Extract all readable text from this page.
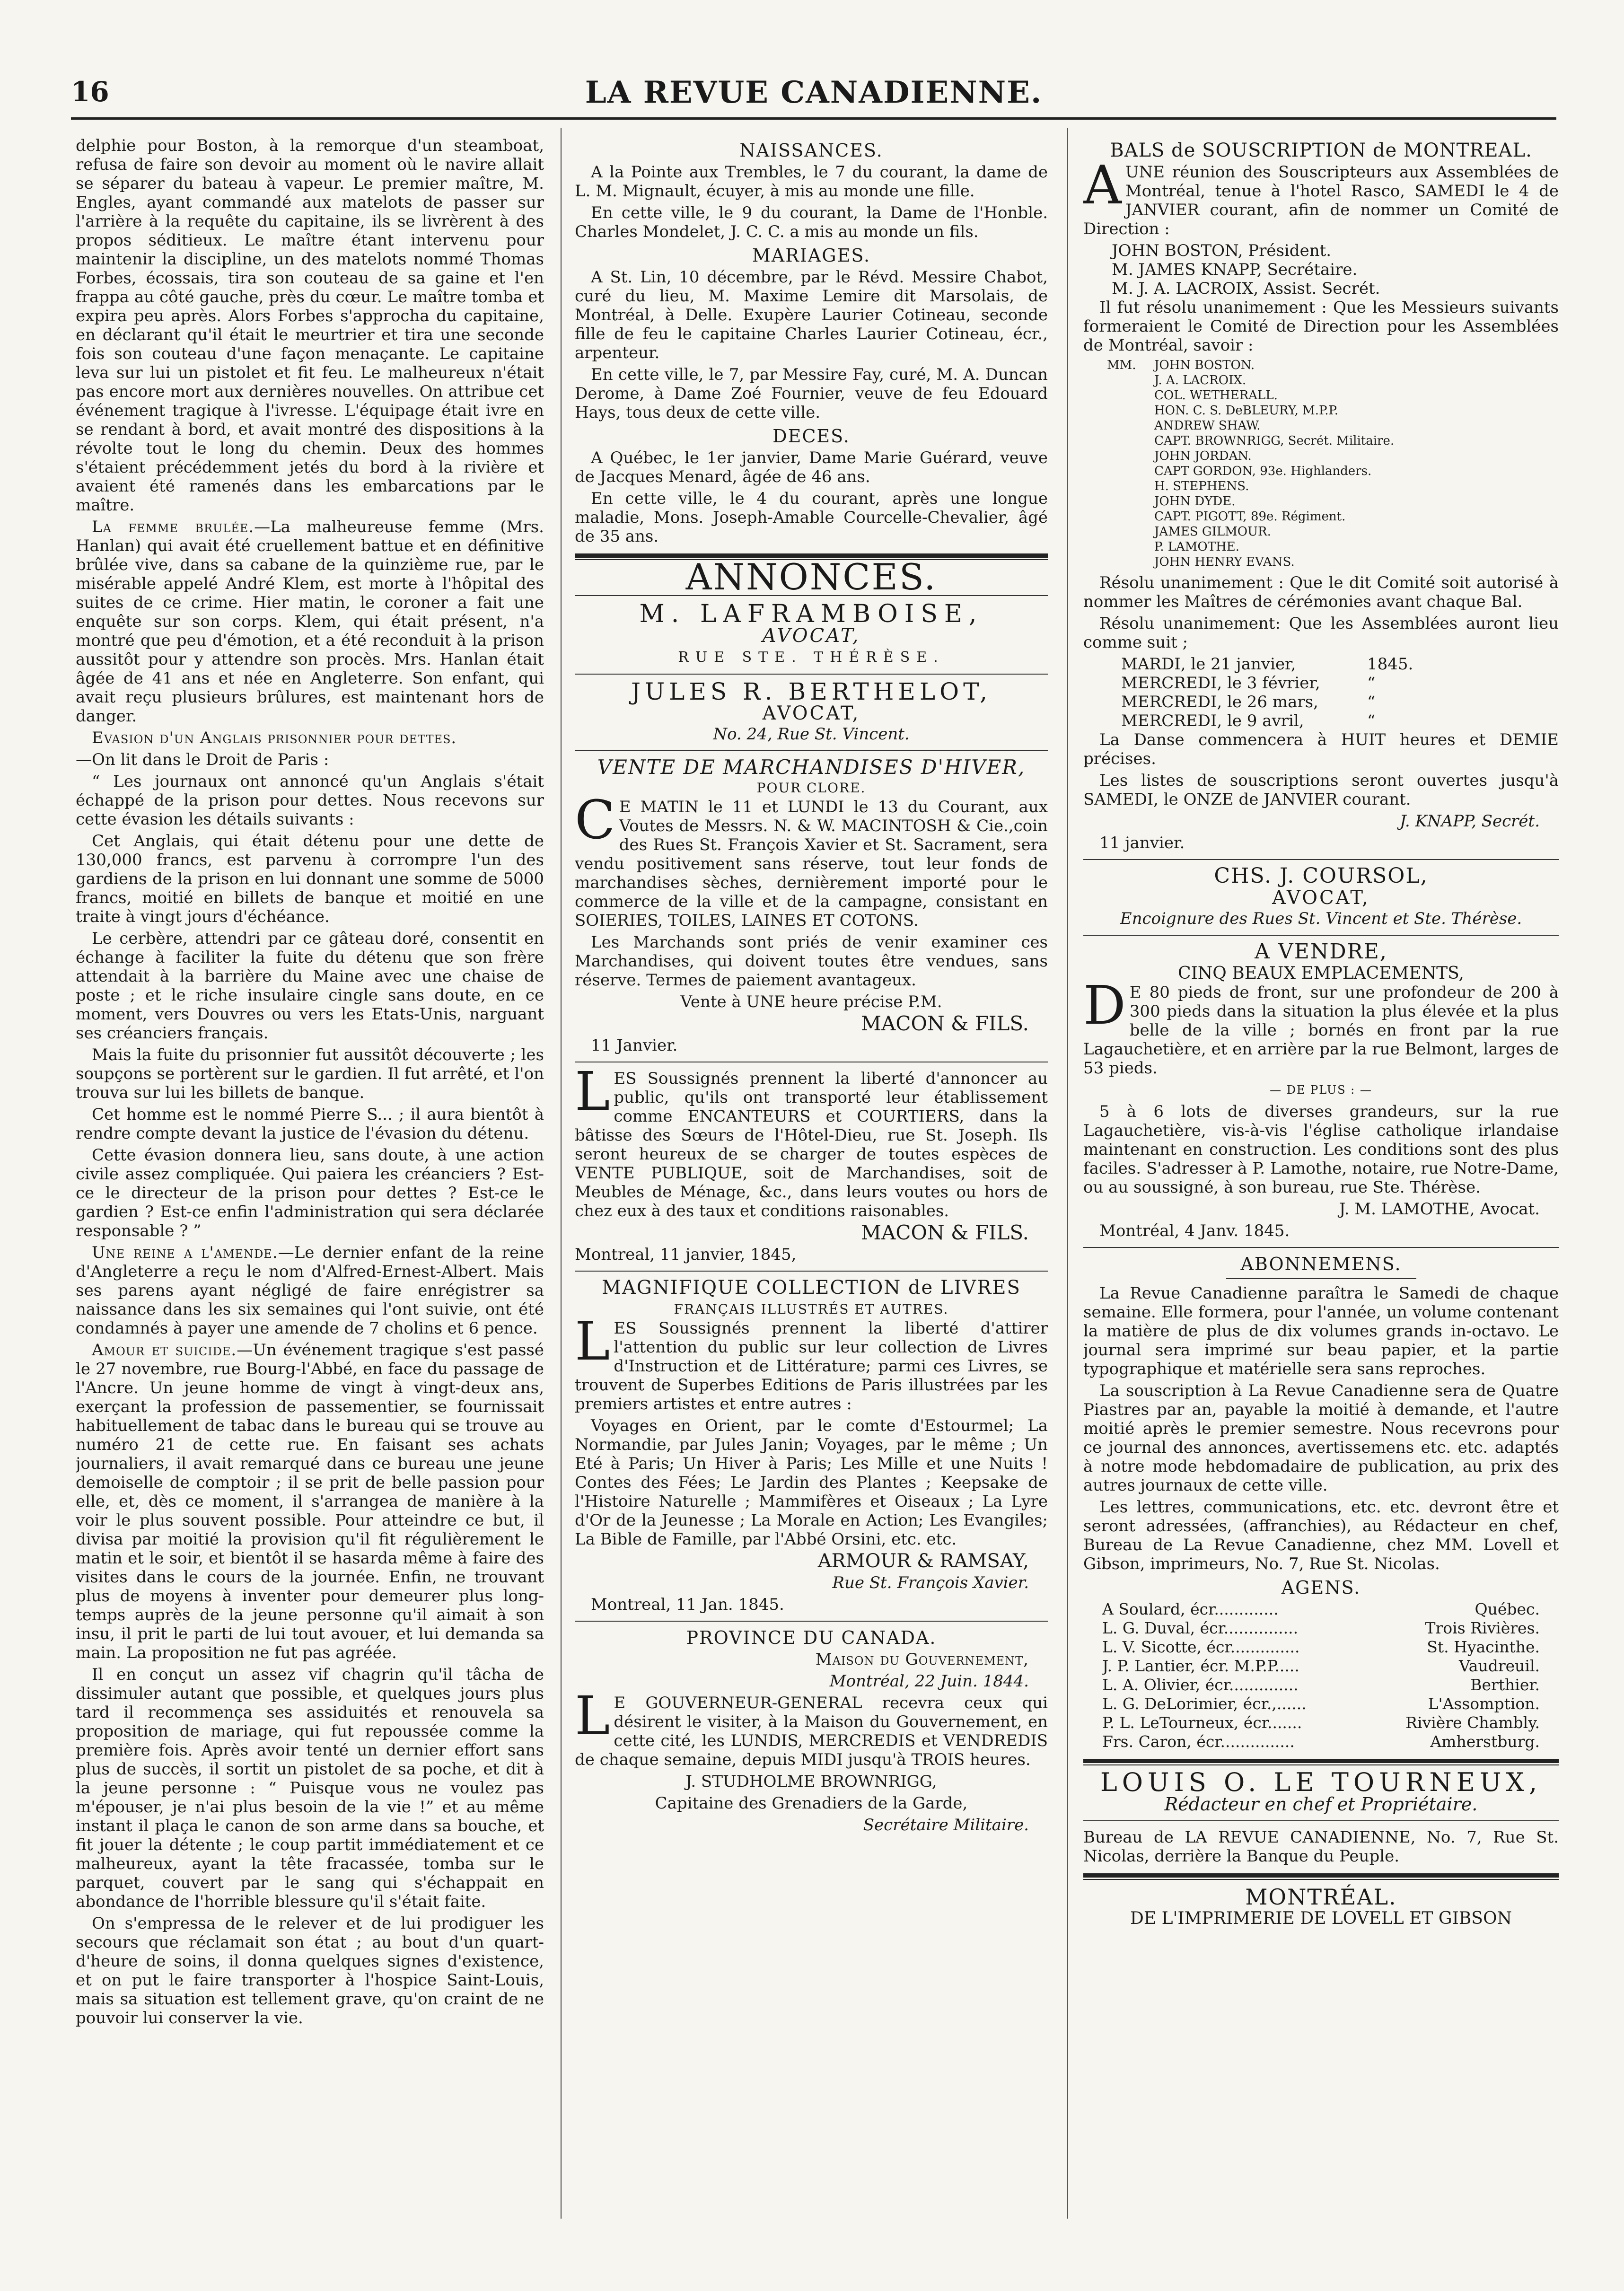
16	LA REVUE CANADIENNE.

delphie pour Boston, à la remorque d'un steamboat, refusa de faire son devoir au moment où le navire allait se séparer du bateau à vapeur. Le premier maître, M. Engles, ayant commandé aux matelots de passer sur l'arrière à la requête du capitaine, ils se livrèrent à des propos séditieux. Le maître étant intervenu pour maintenir la discipline, un des matelots nommé Thomas Forbes, écossais, tira son couteau de sa gaine et l'en frappa au côté gauche, près du cœur. Le maître tomba et expira peu après. Alors Forbes s'approcha du capitaine, en déclarant qu'il était le meurtrier et tira une seconde fois son couteau d'une façon menaçante. Le capitaine leva sur lui un pistolet et fit feu. Le malheureux n'était pas encore mort aux dernières nouvelles. On attribue cet événement tragique à l'ivresse. L'équipage était ivre en se rendant à bord, et avait montré des dispositions à la révolte tout le long du chemin. Deux des hommes s'étaient précédemment jetés du bord à la rivière et avaient été ramenés dans les embarcations par le maître.

La femme brulée.—La malheureuse femme (Mrs. Hanlan) qui avait été cruellement battue et en définitive brûlée vive, dans sa cabane de la quinzième rue, par le misérable appelé André Klem, est morte à l'hôpital des suites de ce crime. Hier matin, le coroner a fait une enquête sur son corps. Klem, qui était présent, n'a montré que peu d'émotion, et a été reconduit à la prison aussitôt pour y attendre son procès. Mrs. Hanlan était âgée de 41 ans et née en Angleterre. Son enfant, qui avait reçu plusieurs brûlures, est maintenant hors de danger.

Evasion d'un Anglais prisonnier pour dettes.

—On lit dans le Droit de Paris :

“ Les journaux ont annoncé qu'un Anglais s'était échappé de la prison pour dettes. Nous recevons sur cette évasion les détails suivants :

Cet Anglais, qui était détenu pour une dette de 130,000 francs, est parvenu à corrompre l'un des gardiens de la prison en lui donnant une somme de 5000 francs, moitié en billets de banque et moitié en une traite à vingt jours d'échéance.

Le cerbère, attendri par ce gâteau doré, consentit en échange à faciliter la fuite du détenu que son frère attendait à la barrière du Maine avec une chaise de poste ; et le riche insulaire cingle sans doute, en ce moment, vers Douvres ou vers les Etats-Unis, narguant ses créanciers français.

Mais la fuite du prisonnier fut aussitôt découverte ; les soupçons se portèrent sur le gardien. Il fut arrêté, et l'on trouva sur lui les billets de banque.

Cet homme est le nommé Pierre S... ; il aura bientôt à rendre compte devant la justice de l'évasion du détenu.

Cette évasion donnera lieu, sans doute, à une action civile assez compliquée. Qui paiera les créanciers ? Est-ce le directeur de la prison pour dettes ? Est-ce le gardien ? Est-ce enfin l'administration qui sera déclarée responsable ? ”

Une reine a l'amende.—Le dernier enfant de la reine d'Angleterre a reçu le nom d'Alfred-Ernest-Albert. Mais ses parens ayant négligé de faire enrégistrer sa naissance dans les six semaines qui l'ont suivie, ont été condamnés à payer une amende de 7 cholins et 6 pence.

Amour et suicide.—Un événement tragique s'est passé le 27 novembre, rue Bourg-l'Abbé, en face du passage de l'Ancre. Un jeune homme de vingt à vingt-deux ans, exerçant la profession de passementier, se fournissait habituellement de tabac dans le bureau qui se trouve au numéro 21 de cette rue. En faisant ses achats journaliers, il avait remarqué dans ce bureau une jeune demoiselle de comptoir ; il se prit de belle passion pour elle, et, dès ce moment, il s'arrangea de manière à la voir le plus souvent possible. Pour atteindre ce but, il divisa par moitié la provision qu'il fit régulièrement le matin et le soir, et bientôt il se hasarda même à faire des visites dans le cours de la journée. Enfin, ne trouvant plus de moyens à inventer pour demeurer plus long-temps auprès de la jeune personne qu'il aimait à son insu, il prit le parti de lui tout avouer, et lui demanda sa main. La proposition ne fut pas agréée.

Il en conçut un assez vif chagrin qu'il tâcha de dissimuler autant que possible, et quelques jours plus tard il recommença ses assiduités et renouvela sa proposition de mariage, qui fut repoussée comme la première fois. Après avoir tenté un dernier effort sans plus de succès, il sortit un pistolet de sa poche, et dit à la jeune personne : “ Puisque vous ne voulez pas m'épouser, je n'ai plus besoin de la vie !” et au même instant il plaça le canon de son arme dans sa bouche, et fit jouer la détente ; le coup partit immédiatement et ce malheureux, ayant la tête fracassée, tomba sur le parquet, couvert par le sang qui s'échappait en abondance de l'horrible blessure qu'il s'était faite.

On s'empressa de le relever et de lui prodiguer les secours que réclamait son état ; au bout d'un quart-d'heure de soins, il donna quelques signes d'existence, et on put le faire transporter à l'hospice Saint-Louis, mais sa situation est tellement grave, qu'on craint de ne pouvoir lui conserver la vie.

NAISSANCES.

A la Pointe aux Trembles, le 7 du courant, la dame de L. M. Mignault, écuyer, à mis au monde une fille.

En cette ville, le 9 du courant, la Dame de l'Honble. Charles Mondelet, J. C. C. a mis au monde un fils.

MARIAGES.

A St. Lin, 10 décembre, par le Révd. Messire Chabot, curé du lieu, M. Maxime Lemire dit Marsolais, de Montréal, à Delle. Exupère Laurier Cotineau, seconde fille de feu le capitaine Charles Laurier Cotineau, écr., arpenteur.

En cette ville, le 7, par Messire Fay, curé, M. A. Duncan Derome, à Dame Zoé Fournier, veuve de feu Edouard Hays, tous deux de cette ville.

DECES.

A Québec, le 1er janvier, Dame Marie Guérard, veuve de Jacques Menard, âgée de 46 ans.

En cette ville, le 4 du courant, après une longue maladie, Mons. Joseph-Amable Courcelle-Chevalier, âgé de 35 ans.

ANNONCES.
M. LAFRAMBOISE,
AVOCAT,
RUE STE. THÉRÈSE.
JULES R. BERTHELOT,
AVOCAT,
No. 24, Rue St. Vincent.
VENTE DE MARCHANDISES D'HIVER,
POUR CLORE.

C E MATIN le 11 et LUNDI le 13 du Courant, aux Voutes de Messrs. N. & W. MACINTOSH & Cie.,coin des Rues St. François Xavier et St. Sacrament, sera vendu positivement sans réserve, tout leur fonds de marchandises sèches, dernièrement importé pour le commerce de la ville et de la campagne, consistant en SOIERIES, TOILES, LAINES ET COTONS.

Les Marchands sont priés de venir examiner ces Marchandises, qui doivent toutes être vendues, sans réserve. Termes de paiement avantageux.

Vente à UNE heure précise P.M.

MACON & FILS.

11 Janvier.

LES Soussignés prennent la liberté d'annoncer au public, qu'ils ont transporté leur établissement comme ENCANTEURS et COURTIERS, dans la bâtisse des Sœurs de l'Hôtel-Dieu, rue St. Joseph. Ils seront heureux de se charger de toutes espèces de VENTE PUBLIQUE, soit de Marchandises, soit de Meubles de Ménage, &c., dans leurs voutes ou hors de chez eux à des taux et conditions raisonables.

MACON & FILS.

Montreal, 11 janvier, 1845,

MAGNIFIQUE COLLECTION de LIVRES
FRANÇAIS ILLUSTRÉS ET AUTRES.

LES Soussignés prennent la liberté d'attirer l'attention du public sur leur collection de Livres d'Instruction et de Littérature; parmi ces Livres, se trouvent de Superbes Editions de Paris illustrées par les premiers artistes et entre autres :

Voyages en Orient, par le comte d'Estourmel; La Normandie, par Jules Janin; Voyages, par le même ; Un Eté à Paris; Un Hiver à Paris; Les Mille et une Nuits ! Contes des Fées; Le Jardin des Plantes ; Keepsake de l'Histoire Naturelle ; Mammifères et Oiseaux ; La Lyre d'Or de la Jeunesse ; La Morale en Action; Les Evangiles; La Bible de Famille, par l'Abbé Orsini, etc. etc.

ARMOUR & RAMSAY,

Rue St. François Xavier.

Montreal, 11 Jan. 1845.

PROVINCE DU CANADA.

Maison du Gouvernement,

Montréal, 22 Juin. 1844.

L E GOUVERNEUR-GENERAL recevra ceux qui désirent le visiter, à la Maison du Gouvernement, en cette cité, les LUNDIS, MERCREDIS et VENDREDIS de chaque semaine, depuis MIDI jusqu'à TROIS heures.

J. STUDHOLME BROWNRIGG,

Capitaine des Grenadiers de la Garde,

Secrétaire Militaire.

BALS de SOUSCRIPTION de MONTREAL.

AUNE réunion des Souscripteurs aux Assemblées de Montréal, tenue à l'hotel Rasco, SAMEDI le 4 de JANVIER courant, afin de nommer un Comité de Direction :

JOHN BOSTON, Président.
M. JAMES KNAPP, Secrétaire.
M. J. A. LACROIX, Assist. Secrét.

Il fut résolu unanimement : Que les Messieurs suivants formeraient le Comité de Direction pour les Assemblées de Montréal, savoir :

MM. JOHN BOSTON.
J. A. LACROIX.
COL. WETHERALL.
HON. C. S. DeBLEURY, M.P.P.
ANDREW SHAW.
CAPT. BROWNRIGG, Secrét. Militaire.
JOHN JORDAN.
CAPT GORDON, 93e. Highlanders.
H. STEPHENS.
JOHN DYDE.
CAPT. PIGOTT, 89e. Régiment.
JAMES GILMOUR.
P. LAMOTHE.
JOHN HENRY EVANS.

Résolu unanimement : Que le dit Comité soit autorisé à nommer les Maîtres de cérémonies avant chaque Bal.

Résolu unanimement: Que les Assemblées auront lieu comme suit ;

MARDI, le 21 janvier,	1845.
MERCREDI, le 3 février,	“
MERCREDI, le 26 mars,	“
MERCREDI, le 9 avril,	“

La Danse commencera à HUIT heures et DEMIE précises.

Les listes de souscriptions seront ouvertes jusqu'à SAMEDI, le ONZE de JANVIER courant.

J. KNAPP, Secrét.

11 janvier.

CHS. J. COURSOL,
AVOCAT,
Encoignure des Rues St. Vincent et Ste. Thérèse.
A VENDRE,
CINQ BEAUX EMPLACEMENTS,

D E 80 pieds de front, sur une profondeur de 200 à 300 pieds dans la situation la plus élevée et la plus belle de la ville ; bornés en front par la rue Lagauchetière, et en arrière par la rue Belmont, larges de 53 pieds.

— DE PLUS : —

5 à 6 lots de diverses grandeurs, sur la rue Lagauchetière, vis-à-vis l'église catholique irlandaise maintenant en construction. Les conditions sont des plus faciles. S'adresser à P. Lamothe, notaire, rue Notre-Dame, ou au soussigné, à son bureau, rue Ste. Thérèse.

J. M. LAMOTHE, Avocat.

Montréal, 4 Janv. 1845.

ABONNEMENS.

La Revue Canadienne paraîtra le Samedi de chaque semaine. Elle formera, pour l'année, un volume contenant la matière de plus de dix volumes grands in-octavo. Le journal sera imprimé sur beau papier, et la partie typographique et matérielle sera sans reproches.

La souscription à La Revue Canadienne sera de Quatre Piastres par an, payable la moitié à demande, et l'autre moitié après le premier semestre. Nous recevrons pour ce journal des annonces, avertissemens etc. etc. adaptés à notre mode hebdomadaire de publication, au prix des autres journaux de cette ville.

Les lettres, communications, etc. etc. devront être et seront adressées, (affranchies), au Rédacteur en chef, Bureau de La Revue Canadienne, chez MM. Lovell et Gibson, imprimeurs, No. 7, Rue St. Nicolas.

AGENS.
A Soulard, écr.............	Québec.
L. G. Duval, écr...............	Trois Rivières.
L. V. Sicotte, écr..............	St. Hyacinthe.
J. P. Lantier, écr. M.P.P.....	Vaudreuil.
L. A. Olivier, écr..............	Berthier.
L. G. DeLorimier, écr.,......	L'Assomption.
P. L. LeTourneux, écr.......	Rivière Chambly.
Frs. Caron, écr...............	Amherstburg.
LOUIS O. LE TOURNEUX,
Rédacteur en chef et Propriétaire.

Bureau de LA REVUE CANADIENNE, No. 7, Rue St. Nicolas, derrière la Banque du Peuple.

MONTRÉAL.
DE L'IMPRIMERIE DE LOVELL ET GIBSON
